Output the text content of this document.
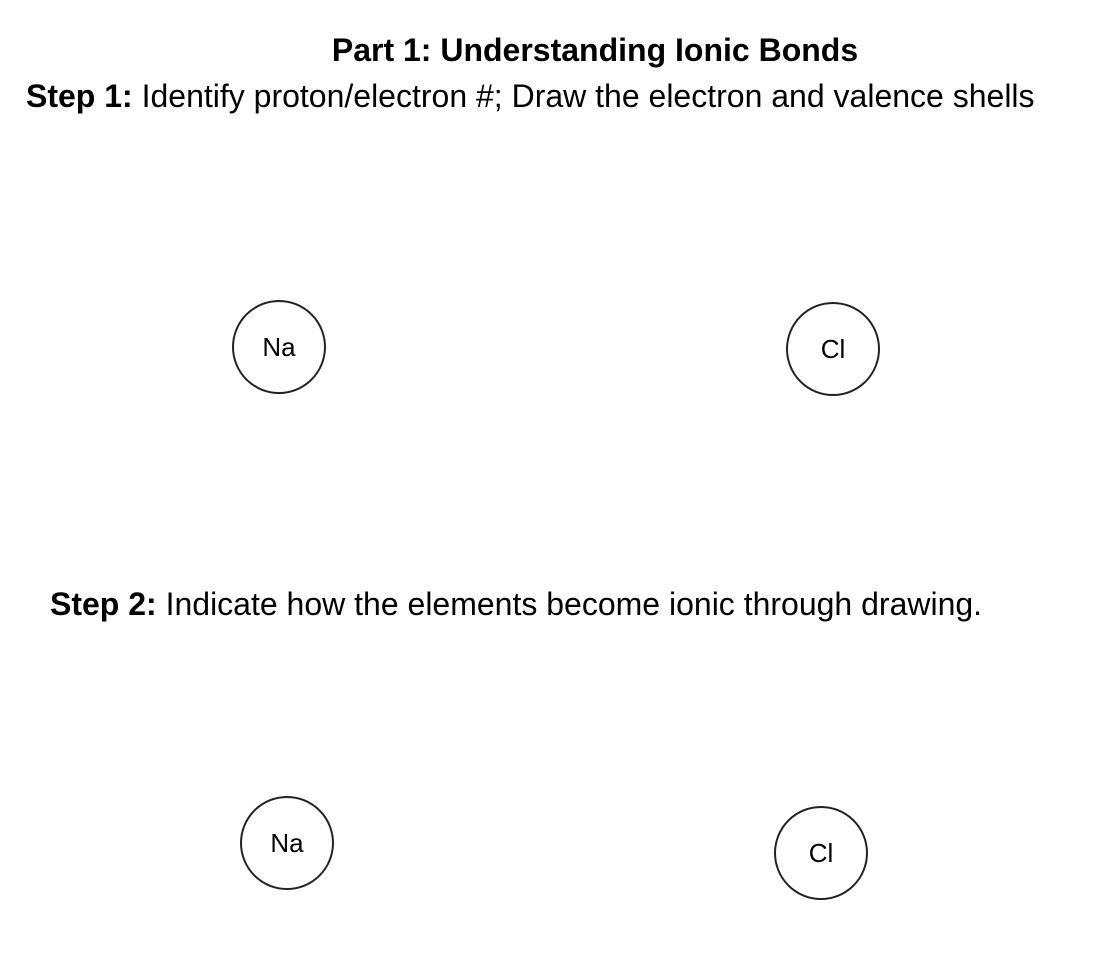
Part 1: Understanding Ionic Bonds
Step 1: Identify proton/electron #; Draw the electron and valence shells
Na	Cl
Step 2: Indicate how the elements become ionic through drawing.
Na	Cl
